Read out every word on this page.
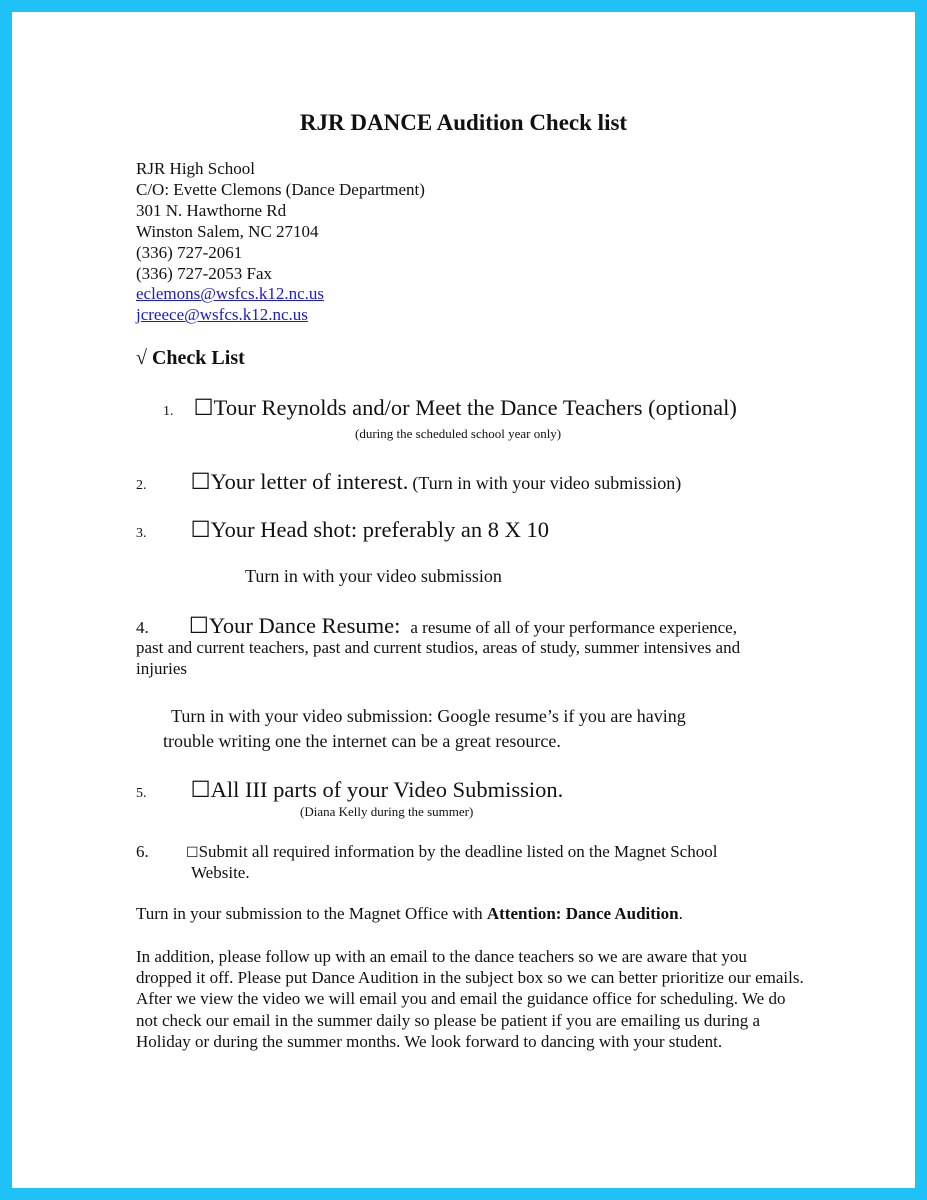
RJR DANCE Audition Check list
RJR High School
C/O: Evette Clemons (Dance Department)
301 N. Hawthorne Rd
Winston Salem, NC 27104
(336) 727-2061
(336) 727-2053 Fax
eclemons@wsfcs.k12.nc.us
jcreece@wsfcs.k12.nc.us
√ Check List
1. ☐Tour Reynolds and/or Meet the Dance Teachers (optional)
(during the scheduled school year only)
2. ☐Your letter of interest. (Turn in with your video submission)
3. ☐Your Head shot: preferably an 8 X 10
Turn in with your video submission
4. ☐Your Dance Resume: a resume of all of your performance experience,
past and current teachers, past and current studios, areas of study, summer intensives and
injuries
Turn in with your video submission: Google resume’s if you are having
trouble writing one the internet can be a great resource.
5. ☐All III parts of your Video Submission.
(Diana Kelly during the summer)
6.	☐Submit all required information by the deadline listed on the Magnet School
Website.
Turn in your submission to the Magnet Office with Attention: Dance Audition.
In addition, please follow up with an email to the dance teachers so we are aware that you dropped it off. Please put Dance Audition in the subject box so we can better prioritize our emails. After we view the video we will email you and email the guidance office for scheduling. We do not check our email in the summer daily so please be patient if you are emailing us during a Holiday or during the summer months. We look forward to dancing with your student.
